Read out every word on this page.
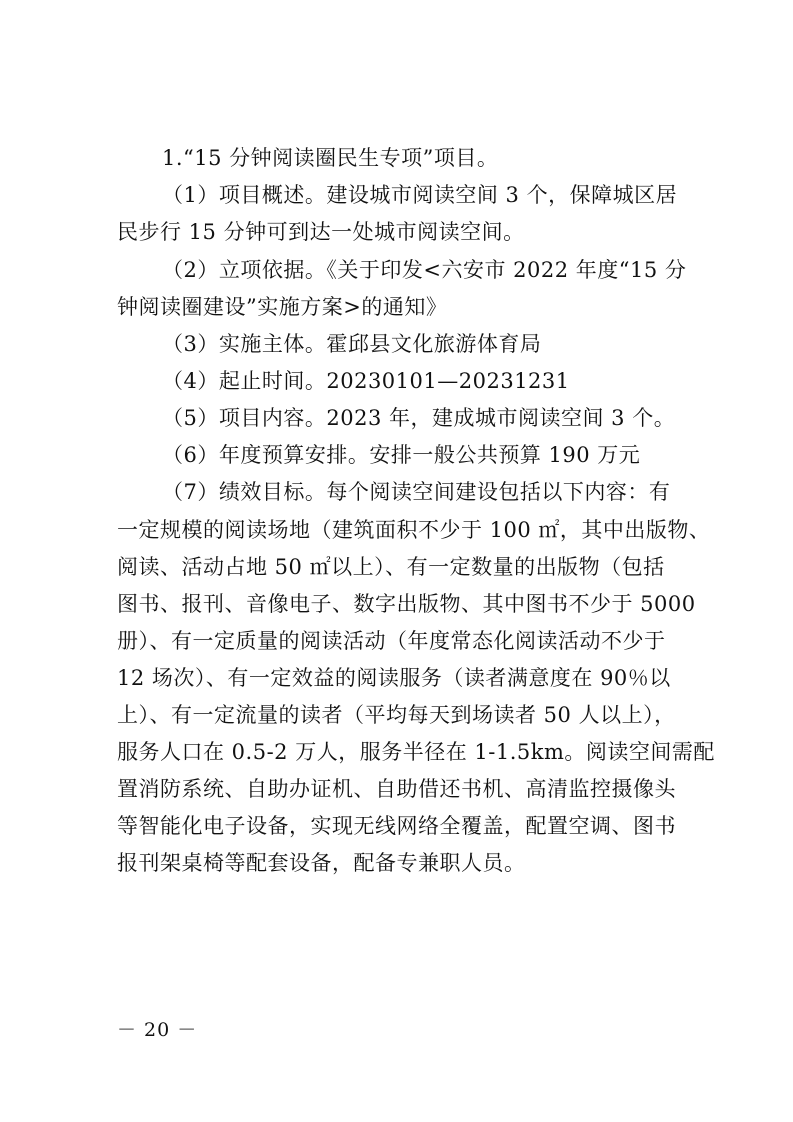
1.“15 分钟阅读圈民生专项”项目。
（1）项目概述。建设城市阅读空间 3 个，保障城区居
民步行 15 分钟可到达一处城市阅读空间。
（2）立项依据。《关于印发<六安市 2022 年度“15 分
钟阅读圈建设”实施方案>的通知》
（3）实施主体。霍邱县文化旅游体育局
（4）起止时间。20230101—20231231
（5）项目内容。2023 年，建成城市阅读空间 3 个。
（6）年度预算安排。安排一般公共预算 190 万元
（7）绩效目标。每个阅读空间建设包括以下内容：有
一定规模的阅读场地（建筑面积不少于 100 ㎡，其中出版物、
阅读、活动占地 50 ㎡以上）、有一定数量的出版物（包括
图书、报刊、音像电子、数字出版物、其中图书不少于 5000
册）、有一定质量的阅读活动（年度常态化阅读活动不少于
12 场次）、有一定效益的阅读服务（读者满意度在 90％以
上）、有一定流量的读者（平均每天到场读者 50 人以上），
服务人口在 0.5-2 万人，服务半径在 1-1.5km。阅读空间需配
置消防系统、自助办证机、自助借还书机、高清监控摄像头
等智能化电子设备，实现无线网络全覆盖，配置空调、图书
报刊架桌椅等配套设备，配备专兼职人员。
－ 20 －
